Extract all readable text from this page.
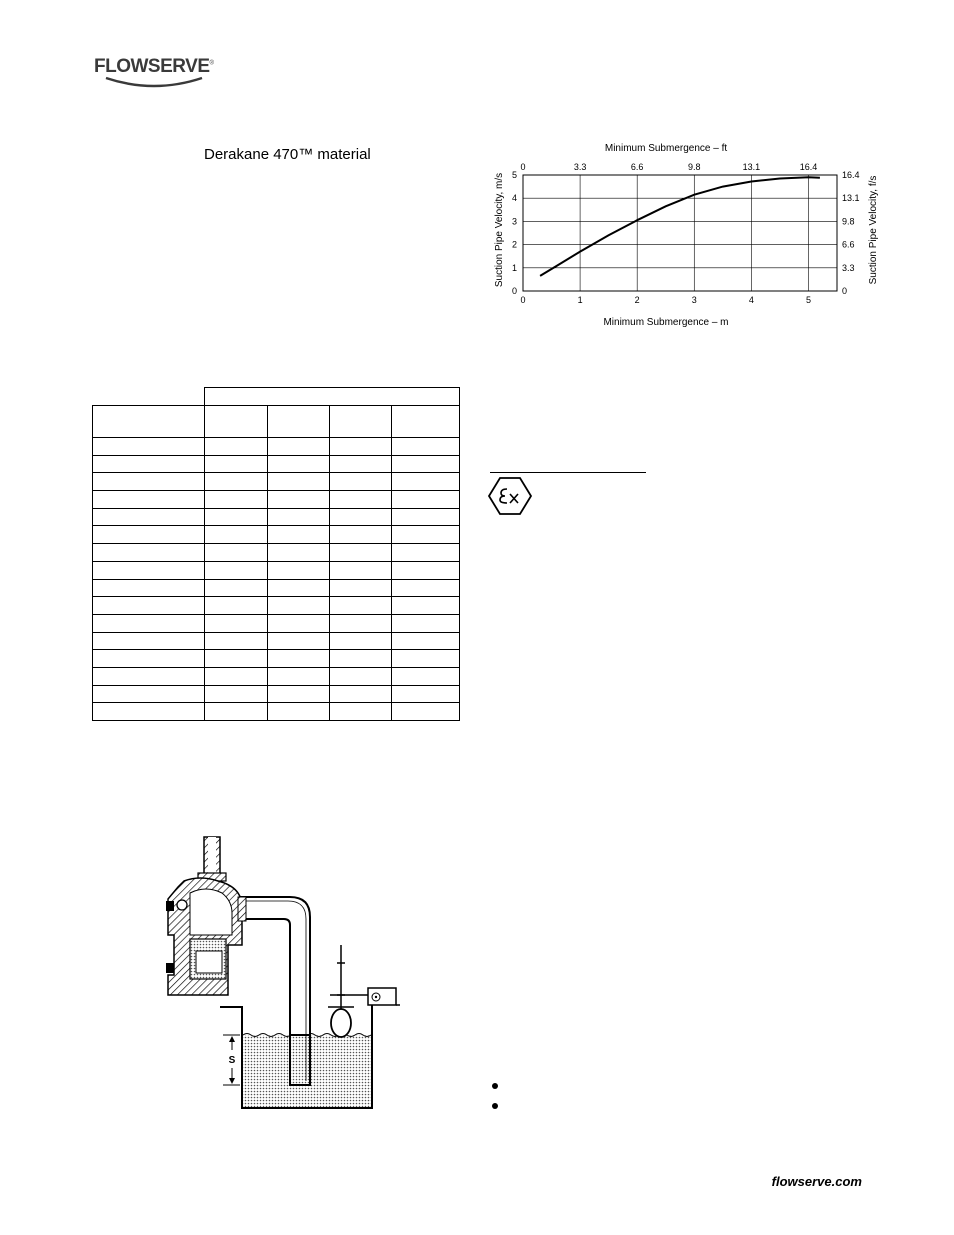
FLOWSERVE®
Derakane 470™ material

					Minimum Submergence – ft
Minimum Submergence – m
Suction Pipe Velocity, m/s	Suction Pipe Velocity, f/s
0	1	2	3	4	5
0	3.3	6.6	9.8	13.1	16.4
0
1
2
3
4
5
0
3.3
6.6
9.8
13.1
16.4
S
flowserve.com
